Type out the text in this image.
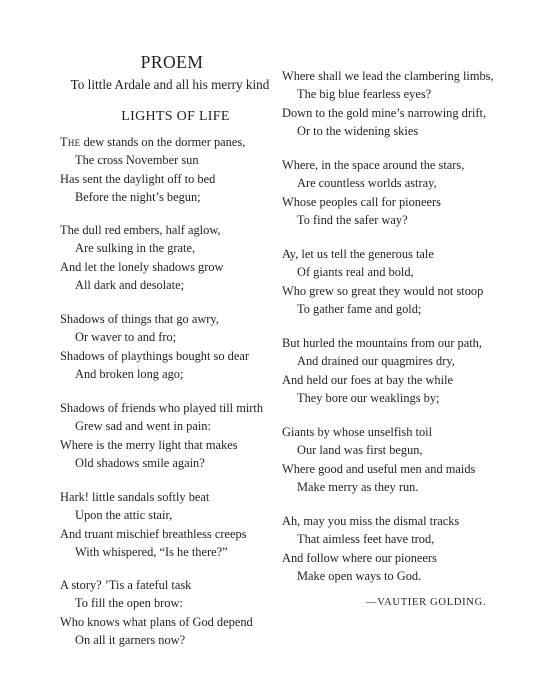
PROEM
To little Ardale and all his merry kind
LIGHTS OF LIFE
The dew stands on the dormer panes,
The cross November sun
Has sent the daylight off to bed
Before the night’s begun;
The dull red embers, half aglow,
Are sulking in the grate,
And let the lonely shadows grow
All dark and desolate;
Shadows of things that go awry,
Or waver to and fro;
Shadows of playthings bought so dear
And broken long ago;
Shadows of friends who played till mirth
Grew sad and went in pain:
Where is the merry light that makes
Old shadows smile again?
Hark! little sandals softly beat
Upon the attic stair,
And truant mischief breathless creeps
With whispered, “Is he there?”
A story? ’Tis a fateful task
To fill the open brow:
Who knows what plans of God depend
On all it garners now?
Where shall we lead the clambering limbs,
The big blue fearless eyes?
Down to the gold mine’s narrowing drift,
Or to the widening skies
Where, in the space around the stars,
Are countless worlds astray,
Whose peoples call for pioneers
To find the safer way?
Ay, let us tell the generous tale
Of giants real and bold,
Who grew so great they would not stoop
To gather fame and gold;
But hurled the mountains from our path,
And drained our quagmires dry,
And held our foes at bay the while
They bore our weaklings by;
Giants by whose unselfish toil
Our land was first begun,
Where good and useful men and maids
Make merry as they run.
Ah, may you miss the dismal tracks
That aimless feet have trod,
And follow where our pioneers
Make open ways to God.
—VAUTIER GOLDING.
